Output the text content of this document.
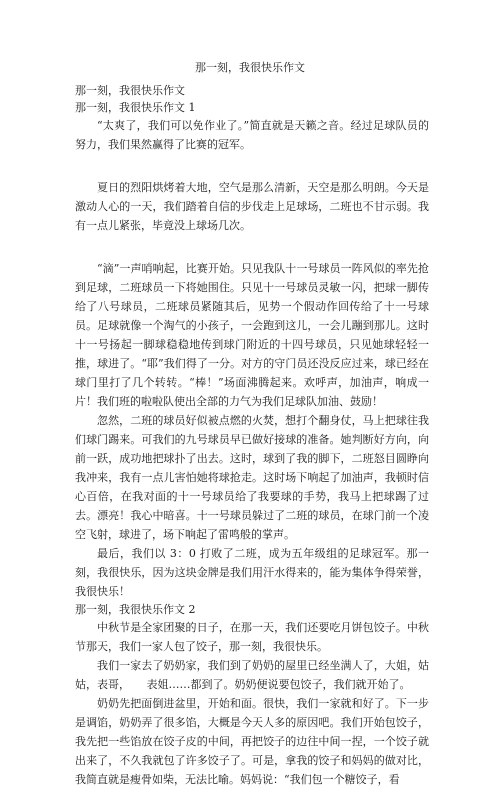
那一刻，我很快乐作文

那一刻，我很快乐作文

那一刻，我很快乐作文 1

“太爽了，我们可以免作业了。”简直就是天籁之音。经过足球队员的努力，我们果然赢得了比赛的冠军。

夏日的烈阳烘烤着大地，空气是那么清新，天空是那么明朗。今天是激动人心的一天，我们踏着自信的步伐走上足球场，二班也不甘示弱。我有一点儿紧张，毕竟没上球场几次。

“滴”一声哨响起，比赛开始。只见我队十一号球员一阵风似的率先抢到足球，二班球员一下将她围住。只见十一号球员灵敏一闪，把球一脚传给了八号球员，二班球员紧随其后，见势一个假动作回传给了十一号球员。足球就像一个淘气的小孩子，一会跑到这儿，一会儿蹦到那儿。这时十一号扬起一脚球稳稳地传到球门附近的十四号球员，只见她球轻轻一推，球进了。“耶”我们得了一分。对方的守门员还没反应过来，球已经在球门里打了几个转转。“棒！”场面沸腾起来。欢呼声，加油声，响成一片！我们班的啦啦队使出全部的力气为我们足球队加油、鼓励！

忽然，二班的球员好似被点燃的火焚，想打个翻身仗，马上把球往我们球门踢来。可我们的九号球员早已做好接球的准备。她判断好方向，向前一跃，成功地把球扑了出去。这时，球到了我的脚下，二班怒目圆睁向我冲来，我有一点儿害怕她将球抢走。这时场下响起了加油声，我顿时信心百倍，在我对面的十一号球员给了我要球的手势，我马上把球踢了过去。漂亮！我心中暗喜。十一号球员躲过了二班的球员，在球门前一个凌空飞射，球进了，场下响起了雷鸣般的掌声。

最后，我们以 3：0 打败了二班，成为五年级组的足球冠军。那一刻，我很快乐，因为这块金牌是我们用汗水得来的，能为集体争得荣誉，我很快乐！

那一刻，我很快乐作文 2

中秋节是全家团聚的日子，在那一天，我们还要吃月饼包饺子。中秋节那天，我们一家人包了饺子，那一刻，我很快乐。

我们一家去了奶奶家，我们到了奶奶的屋里已经坐满人了，大姐，姑姑，表哥，　　表姐……都到了。奶奶便说要包饺子，我们就开始了。

奶奶先把面倒进盆里，开始和面。很快，我们一家就和好了。下一步是调馅，奶奶弄了很多馅，大概是今天人多的原因吧。我们开始包饺子，我先把一些馅放在饺子皮的中间，再把饺子的边往中间一捏，一个饺子就出来了，不久我就包了许多饺子了。可是，拿我的饺子和妈妈的做对比，我简直就是瘦骨如柴，无法比喻。妈妈说：“我们包一个糖饺子，看
